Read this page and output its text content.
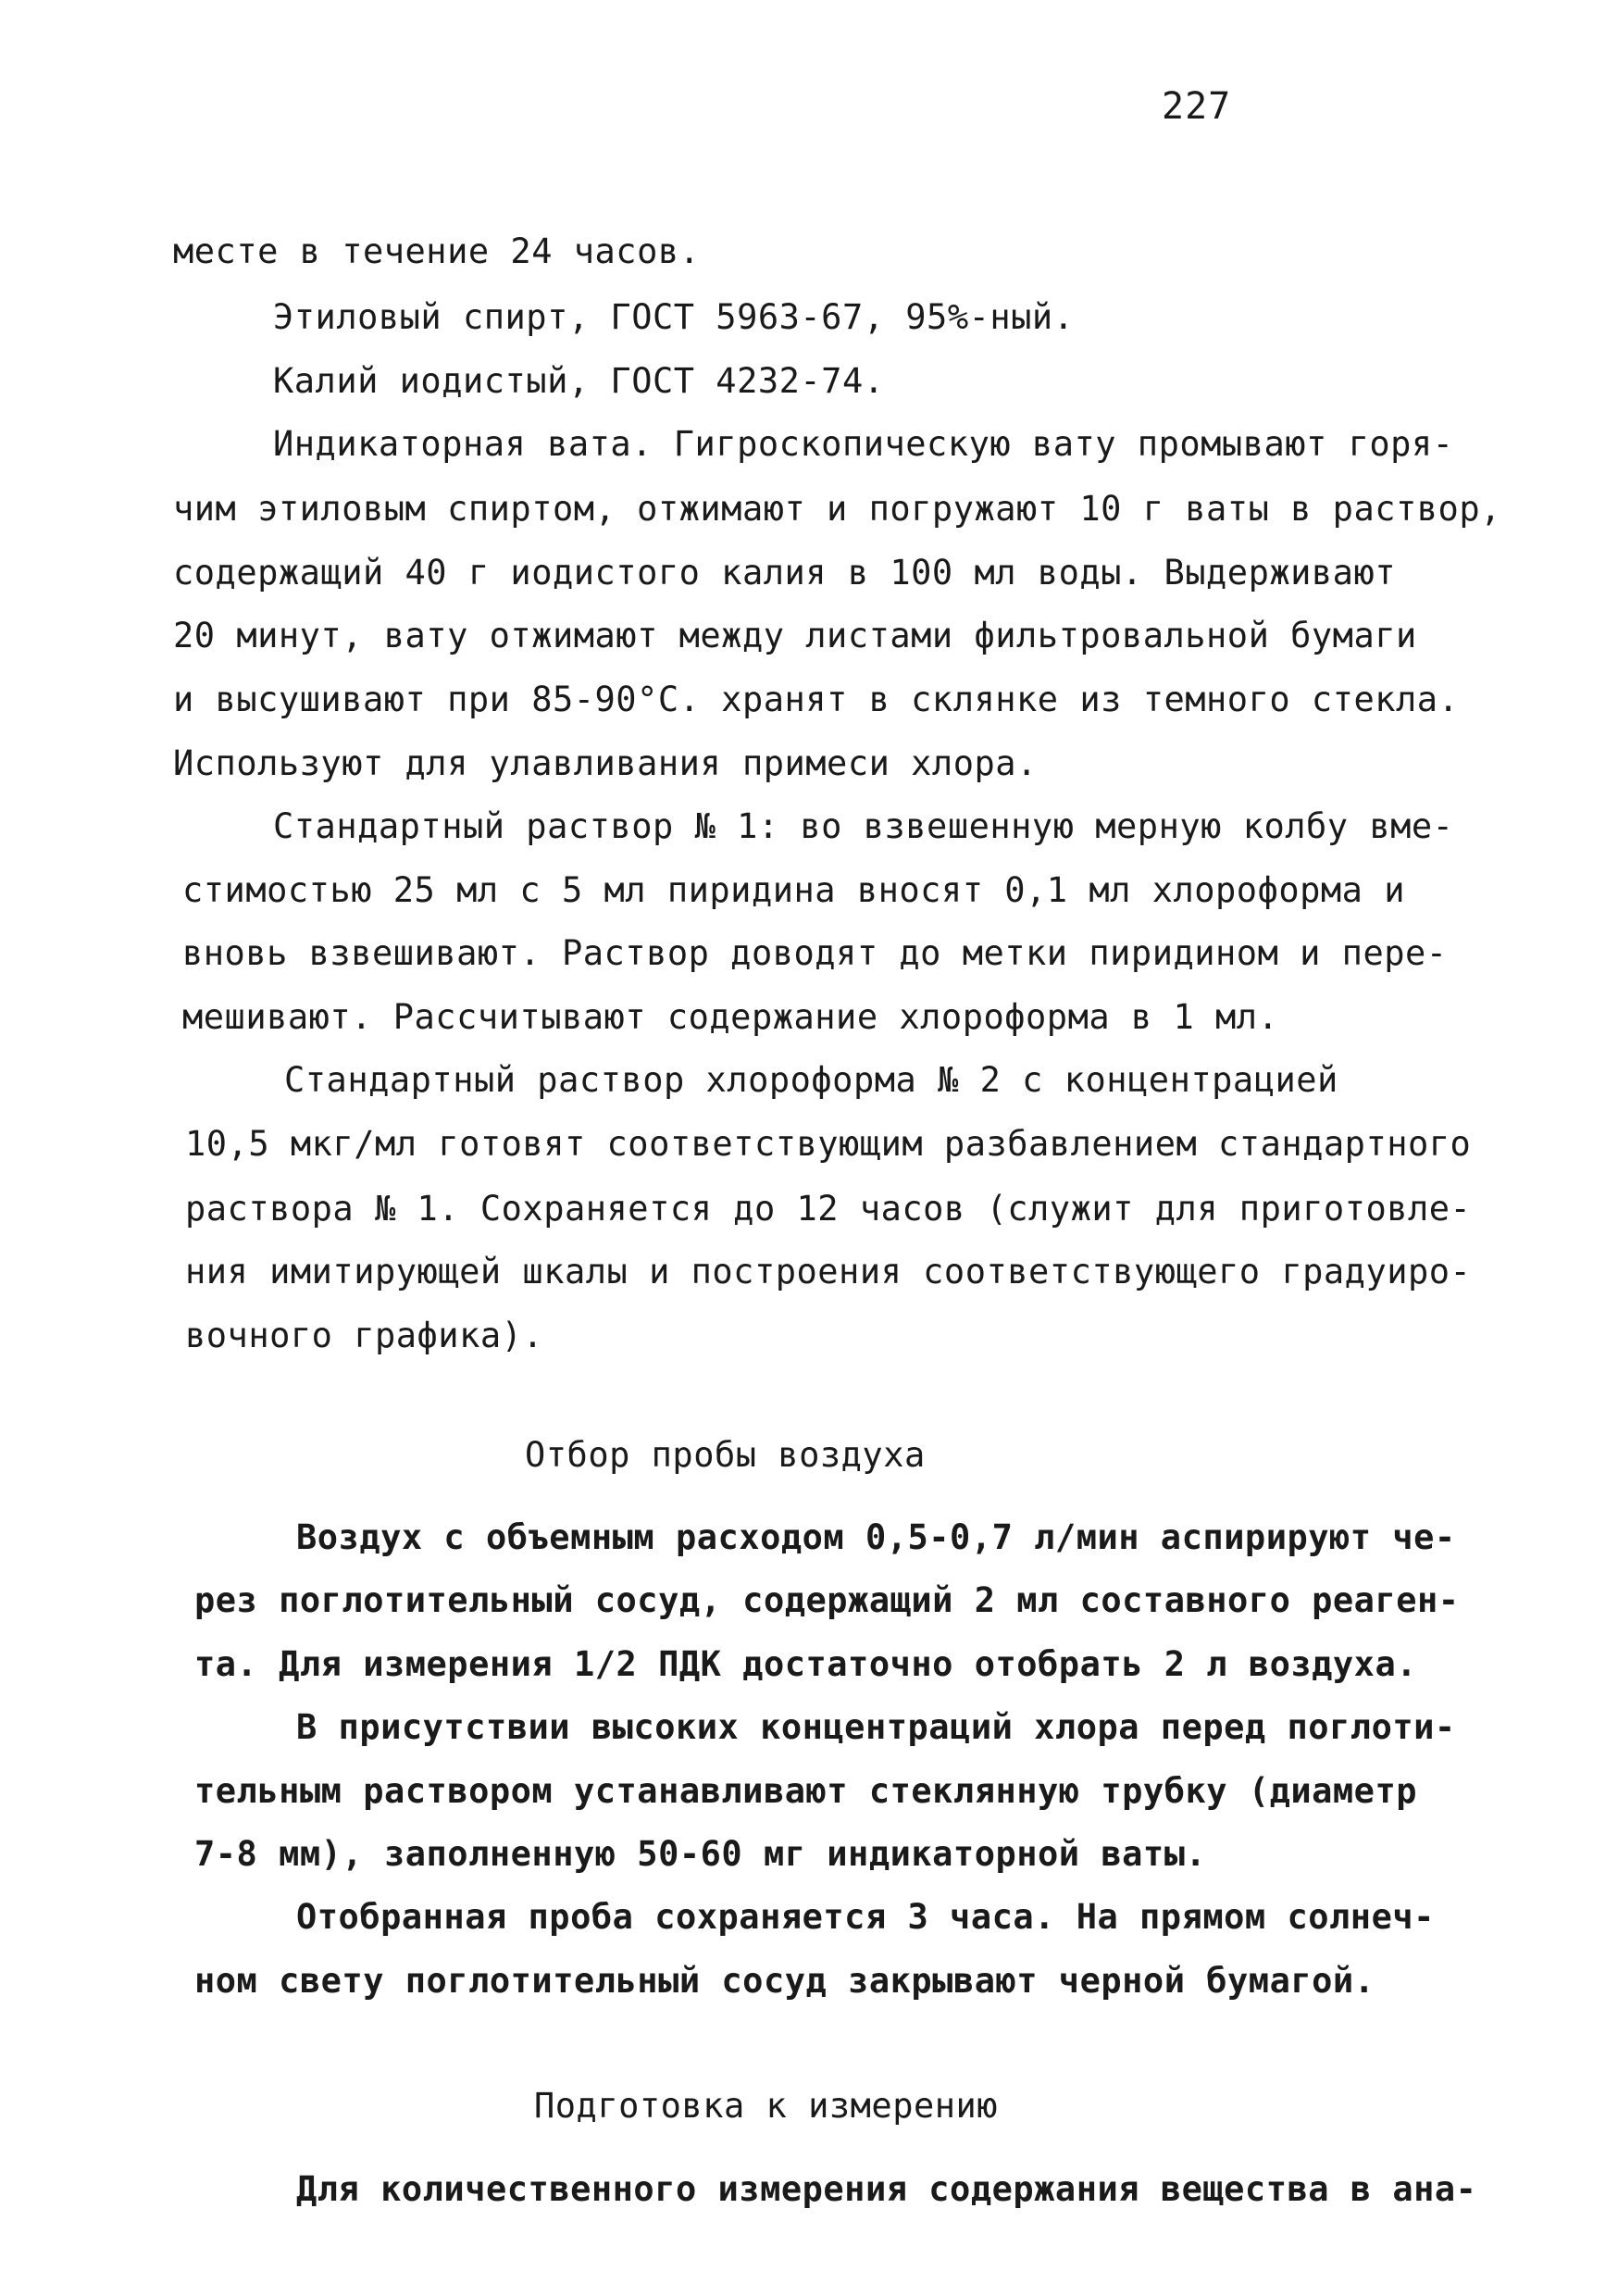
227
месте в течение 24 часов.
Этиловый спирт, ГОСТ 5963-67, 95%-ный.
Калий иодистый, ГОСТ 4232-74.
Индикаторная вата. Гигроскопическую вату промывают горя-
чим этиловым спиртом, отжимают и погружают 10 г ваты в раствор,
содержащий 40 г иодистого калия в 100 мл воды. Выдерживают
20 минут, вату отжимают между листами фильтровальной бумаги
и высушивают при 85-90°С. хранят в склянке из темного стекла.
Используют для улавливания примеси хлора.
Стандартный раствор № 1: во взвешенную мерную колбу вме-
стимостью 25 мл с 5 мл пиридина вносят 0,1 мл хлороформа и
вновь взвешивают. Раствор доводят до метки пиридином и пере-
мешивают. Рассчитывают содержание хлороформа в 1 мл.
Стандартный раствор хлороформа № 2 с концентрацией
10,5 мкг/мл готовят соответствующим разбавлением стандартного
раствора № 1. Сохраняется до 12 часов (служит для приготовле-
ния имитирующей шкалы и построения соответствующего градуиро-
вочного графика).
Отбор пробы воздуха
Воздух с объемным расходом 0,5-0,7 л/мин аспирируют че-
рез поглотительный сосуд, содержащий 2 мл составного реаген-
та. Для измерения 1/2 ПДК достаточно отобрать 2 л воздуха.
В присутствии высоких концентраций хлора перед поглоти-
тельным раствором устанавливают стеклянную трубку (диаметр
7-8 мм), заполненную 50-60 мг индикаторной ваты.
Отобранная проба сохраняется 3 часа. На прямом солнеч-
ном свету поглотительный сосуд закрывают черной бумагой.
Подготовка к измерению
Для количественного измерения содержания вещества в ана-
